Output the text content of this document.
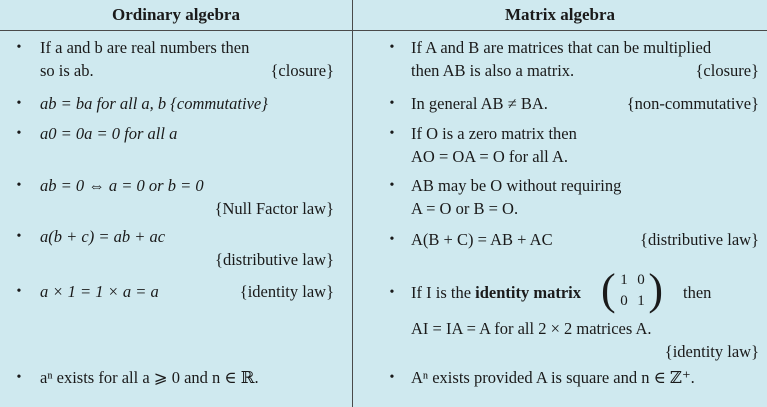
Ordinary algebra
• If a and b are real numbers then
so is ab.	{closure}
• ab = ba for all a, b {commutative}
• a0 = 0a = 0 for all a
• ab = 0 ⇔ a = 0 or b = 0
{Null Factor law}
• a(b + c) = ab + ac
{distributive law}
• a × 1 = 1 × a = a	{identity law}
• aⁿ exists for all a ⩾ 0 and n ∈ ℝ.
Matrix algebra
• If A and B are matrices that can be multiplied
then AB is also a matrix.	{closure}
• In general AB ≠ BA.	{non-commutative}
• If O is a zero matrix then
AO = OA = O for all A.
• AB may be O without requiring
A = O or B = O.
• A(B + C) = AB + AC	{distributive law}
• If I is the identity matrix ( 1 0
0 1 ) then
AI = IA = A for all 2 × 2 matrices A.
{identity law}
• Aⁿ exists provided A is square and n ∈ ℤ⁺.
